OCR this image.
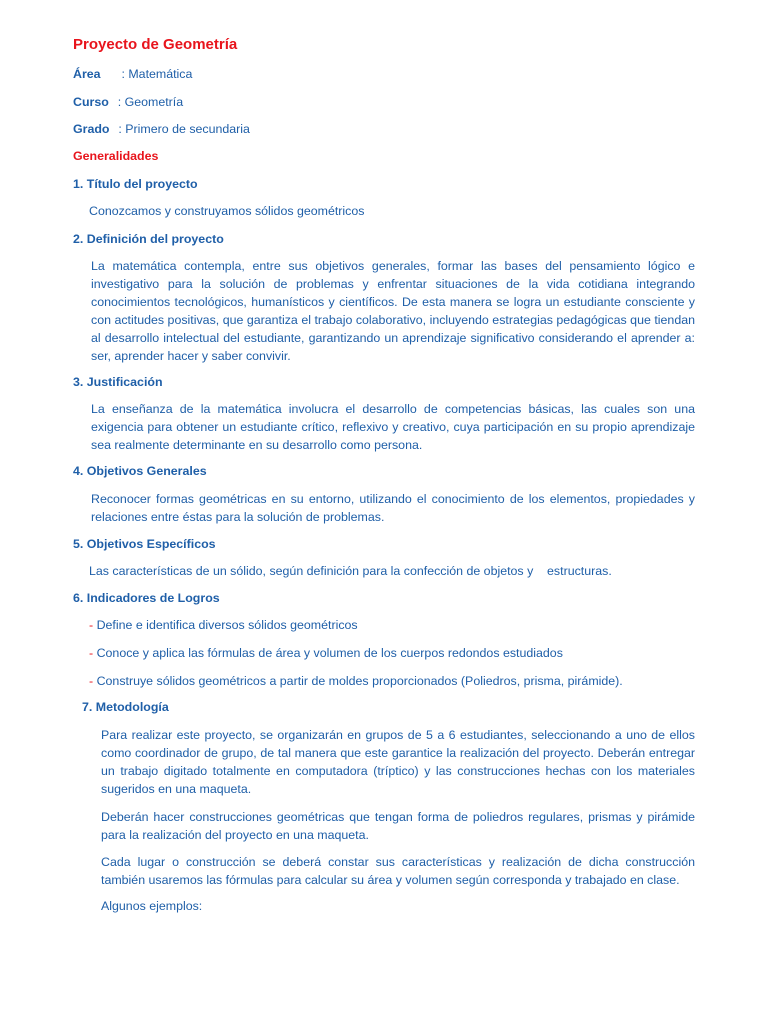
Proyecto de Geometría
Área : Matemática
Curso : Geometría
Grado : Primero de secundaria
Generalidades
1. Título del proyecto
Conozcamos y construyamos sólidos geométricos
2. Definición del proyecto
La matemática contempla, entre sus objetivos generales, formar las bases del pensamiento lógico e investigativo para la solución de problemas y enfrentar situaciones de la vida cotidiana integrando conocimientos tecnológicos, humanísticos y científicos. De esta manera se logra un estudiante consciente y con actitudes positivas, que garantiza el trabajo colaborativo, incluyendo estrategias pedagógicas que tiendan al desarrollo intelectual del estudiante, garantizando un aprendizaje significativo considerando el aprender a: ser, aprender hacer y saber convivir.
3. Justificación
La enseñanza de la matemática involucra el desarrollo de competencias básicas, las cuales son una exigencia para obtener un estudiante crítico, reflexivo y creativo, cuya participación en su propio aprendizaje sea realmente determinante en su desarrollo como persona.
4. Objetivos Generales
Reconocer formas geométricas en su entorno, utilizando el conocimiento de los elementos, propiedades y relaciones entre éstas para la solución de problemas.
5. Objetivos Específicos
Las características de un sólido, según definición para la confección de objetos y    estructuras.
6. Indicadores de Logros
- Define e identifica diversos sólidos geométricos
- Conoce y aplica las fórmulas de área y volumen de los cuerpos redondos estudiados
- Construye sólidos geométricos a partir de moldes proporcionados (Poliedros, prisma, pirámide).
7. Metodología
Para realizar este proyecto, se organizarán en grupos de 5 a 6 estudiantes, seleccionando a uno de ellos como coordinador de grupo, de tal manera que este garantice la realización del proyecto. Deberán entregar un trabajo digitado totalmente en computadora (tríptico) y las construcciones hechas con los materiales sugeridos en una maqueta.
Deberán hacer construcciones geométricas que tengan forma de poliedros regulares, prismas y pirámide para la realización del proyecto en una maqueta.
Cada lugar o construcción se deberá constar sus características y realización de dicha construcción también usaremos las fórmulas para calcular su área y volumen según corresponda y trabajado en clase.
Algunos ejemplos:
